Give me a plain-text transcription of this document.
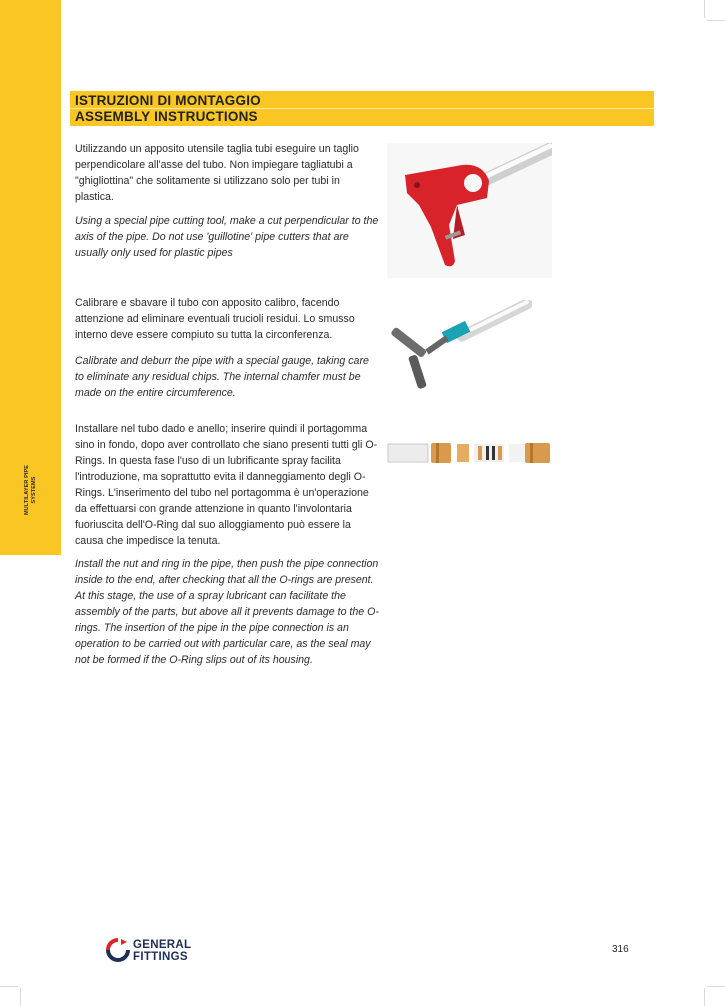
MULTILAYER PIPE SYSTEMS
ISTRUZIONI DI MONTAGGIO
ASSEMBLY INSTRUCTIONS

Utilizzando un apposito utensile taglia tubi eseguire un taglio perpendicolare all'asse del tubo. Non impiegare tagliatubi a "ghigliottina" che solitamente si utilizzano solo per tubi in plastica.

Using a special pipe cutting tool, make a cut perpendicular to the axis of the pipe. Do not use 'guillotine' pipe cutters that are usually only used for plastic pipes

Calibrare e sbavare il tubo con apposito calibro, facendo attenzione ad eliminare eventuali trucioli residui. Lo smusso interno deve essere compiuto su tutta la circonferenza.

Calibrate and deburr the pipe with a special gauge, taking care to eliminate any residual chips. The internal chamfer must be made on the entire circumference.

Installare nel tubo dado e anello; inserire quindi il portagomma sino in fondo, dopo aver controllato che siano presenti tutti gli O-Rings. In questa fase l'uso di un lubrificante spray facilita l'introduzione, ma soprattutto evita il danneggiamento degli O-Rings. L'inserimento del tubo nel portagomma è un'operazione da effettuarsi con grande attenzione in quanto l'involontaria fuoriuscita dell'O-Ring dal suo alloggiamento può essere la causa che impedisce la tenuta.

Install the nut and ring in the pipe, then push the pipe connection inside to the end, after checking that all the O-rings are present. At this stage, the use of a spray lubricant can facilitate the assembly of the parts, but above all it prevents damage to the O-rings. The insertion of the pipe in the pipe connection is an operation to be carried out with particular care, as the seal may not be formed if the O-Ring slips out of its housing.

GENERAL
FITTINGS
316
